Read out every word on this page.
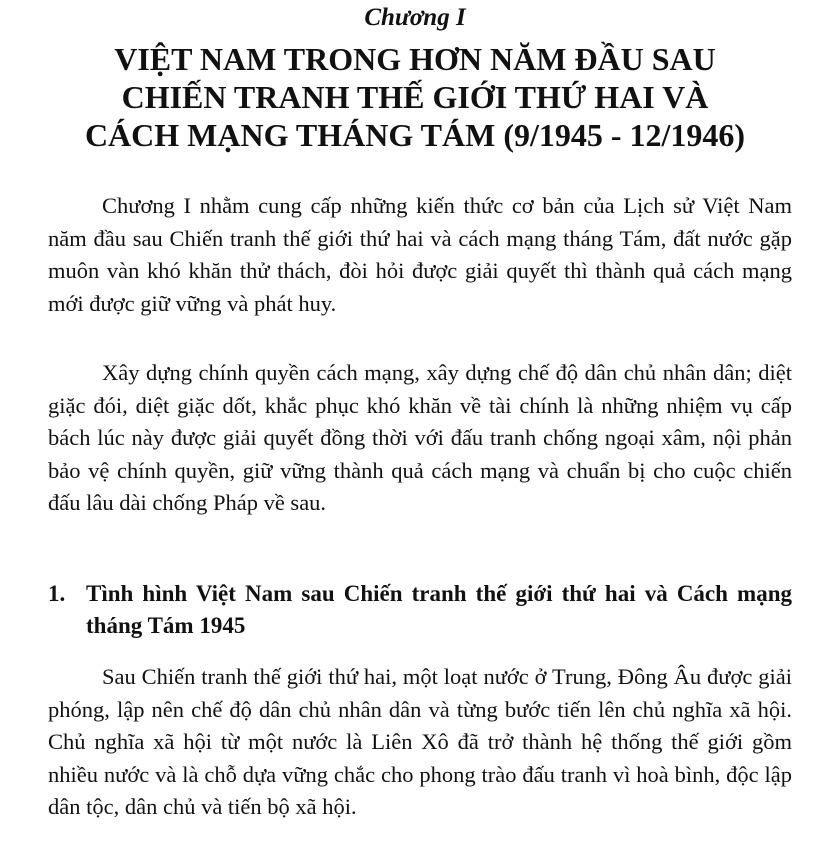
Chương I
VIỆT NAM TRONG HƠN NĂM ĐẦU SAU
CHIẾN TRANH THẾ GIỚI THỨ HAI VÀ
CÁCH MẠNG THÁNG TÁM (9/1945 - 12/1946)

Chương I nhằm cung cấp những kiến thức cơ bản của Lịch sử Việt Nam năm đầu sau Chiến tranh thế giới thứ hai và cách mạng tháng Tám, đất nước gặp muôn vàn khó khăn thử thách, đòi hỏi được giải quyết thì thành quả cách mạng mới được giữ vững và phát huy.

Xây dựng chính quyền cách mạng, xây dựng chế độ dân chủ nhân dân; diệt giặc đói, diệt giặc dốt, khắc phục khó khăn về tài chính là những nhiệm vụ cấp bách lúc này được giải quyết đồng thời với đấu tranh chống ngoại xâm, nội phản bảo vệ chính quyền, giữ vững thành quả cách mạng và chuẩn bị cho cuộc chiến đấu lâu dài chống Pháp về sau.

1. Tình hình Việt Nam sau Chiến tranh thế giới thứ hai và Cách mạng tháng Tám 1945

Sau Chiến tranh thế giới thứ hai, một loạt nước ở Trung, Đông Âu được giải phóng, lập nên chế độ dân chủ nhân dân và từng bước tiến lên chủ nghĩa xã hội. Chủ nghĩa xã hội từ một nước là Liên Xô đã trở thành hệ thống thế giới gồm nhiều nước và là chỗ dựa vững chắc cho phong trào đấu tranh vì hoà bình, độc lập dân tộc, dân chủ và tiến bộ xã hội.
